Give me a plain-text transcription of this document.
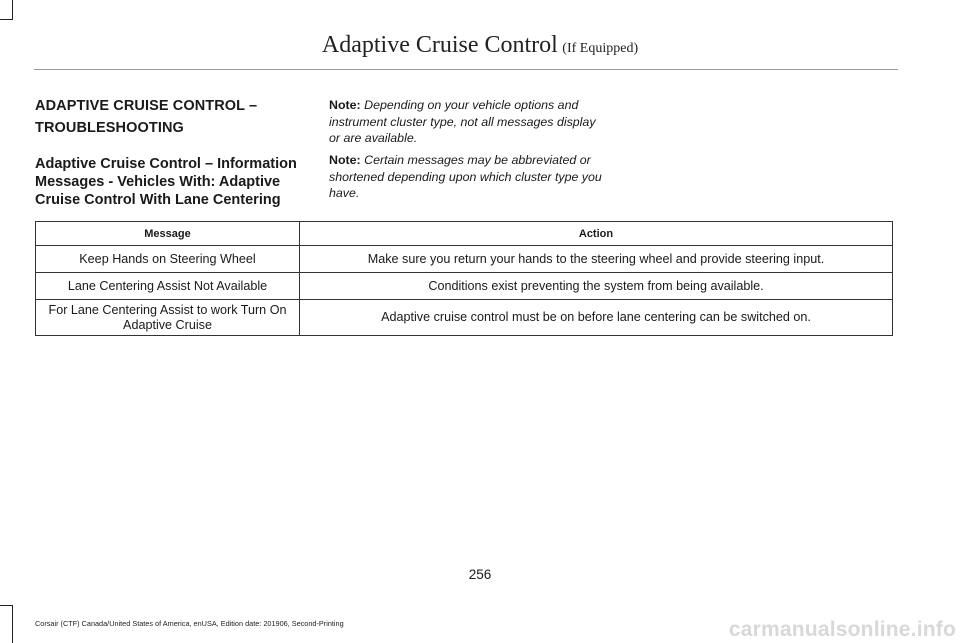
Adaptive Cruise Control (If Equipped)
ADAPTIVE CRUISE CONTROL –
TROUBLESHOOTING
Adaptive Cruise Control – Information Messages - Vehicles With: Adaptive Cruise Control With Lane Centering

Note: Depending on your vehicle options and instrument cluster type, not all messages display or are available.

Note: Certain messages may be abbreviated or shortened depending upon which cluster type you have.

Message	Action
Keep Hands on Steering Wheel	Make sure you return your hands to the steering wheel and provide steering input.
Lane Centering Assist Not Available	Conditions exist preventing the system from being available.
For Lane Centering Assist to work Turn On Adaptive Cruise	Adaptive cruise control must be on before lane centering can be switched on.
256
Corsair (CTF) Canada/United States of America, enUSA, Edition date: 201906, Second-Printing	carmanualsonline.info
